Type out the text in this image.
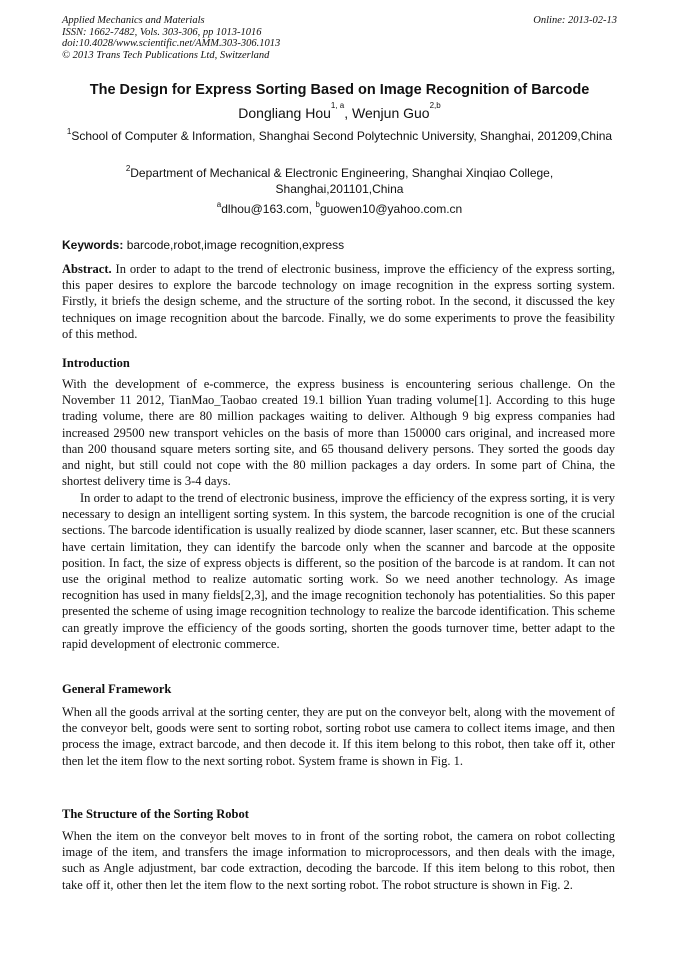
Applied Mechanics and Materials
ISSN: 1662-7482, Vols. 303-306, pp 1013-1016
doi:10.4028/www.scientific.net/AMM.303-306.1013
© 2013 Trans Tech Publications Ltd, Switzerland
Online: 2013-02-13
The Design for Express Sorting Based on Image Recognition of Barcode
Dongliang Hou$^{1, a}$, Wenjun Guo$^{2,b}$
$^1$School of Computer & Information, Shanghai Second Polytechnic University, Shanghai, 201209,China
$^2$Department of Mechanical & Electronic Engineering, Shanghai Xinqiao College, Shanghai,201101,China
$^a$dlhou@163.com, $^b$guowen10@yahoo.com.cn
Keywords: barcode,robot,image recognition,express

Abstract. In order to adapt to the trend of electronic business, improve the efficiency of the express sorting, this paper desires to explore the barcode technology on image recognition in the express sorting system. Firstly, it briefs the design scheme, and the structure of the sorting robot. In the second, it discussed the key techniques on image recognition about the barcode. Finally, we do some experiments to prove the feasibility of this method.

Introduction

With the development of e-commerce, the express business is encountering serious challenge. On the November 11 2012, TianMao_Taobao created 19.1 billion Yuan trading volume[1]. According to this huge trading volume, there are 80 million packages waiting to deliver. Although 9 big express companies had increased 29500 new transport vehicles on the basis of more than 150000 cars original, and increased more than 200 thousand square meters sorting site, and 65 thousand delivery persons. They sorted the goods day and night, but still could not cope with the 80 million packages a day orders. In some part of China, the shortest delivery time is 3-4 days.

In order to adapt to the trend of electronic business, improve the efficiency of the express sorting, it is very necessary to design an intelligent sorting system. In this system, the barcode recognition is one of the crucial sections. The barcode identification is usually realized by diode scanner, laser scanner, etc. But these scanners have certain limitation, they can identify the barcode only when the scanner and barcode at the opposite position. In fact, the size of express objects is different, so the position of the barcode is at random. It can not use the original method to realize automatic sorting work. So we need another technology. As image recognition has used in many fields[2,3], and the image recognition techonoly has potentialities. So this paper presented the scheme of using image recognition technology to realize the barcode identification. This scheme can greatly improve the efficiency of the goods sorting, shorten the goods turnover time, better adapt to the rapid development of electronic commerce.

General Framework

When all the goods arrival at the sorting center, they are put on the conveyor belt, along with the movement of the conveyor belt, goods were sent to sorting robot, sorting robot use camera to collect items image, and then process the image, extract barcode, and then decode it. If this item belong to this robot, then take off it, other then let the item flow to the next sorting robot. System frame is shown in Fig. 1.

The Structure of the Sorting Robot

When the item on the conveyor belt moves to in front of the sorting robot, the camera on robot collecting image of the item, and transfers the image information to microprocessors, and then deals with the image, such as Angle adjustment, bar code extraction, decoding the barcode. If this item belong to this robot, then take off it, other then let the item flow to the next sorting robot. The robot structure is shown in Fig. 2.
